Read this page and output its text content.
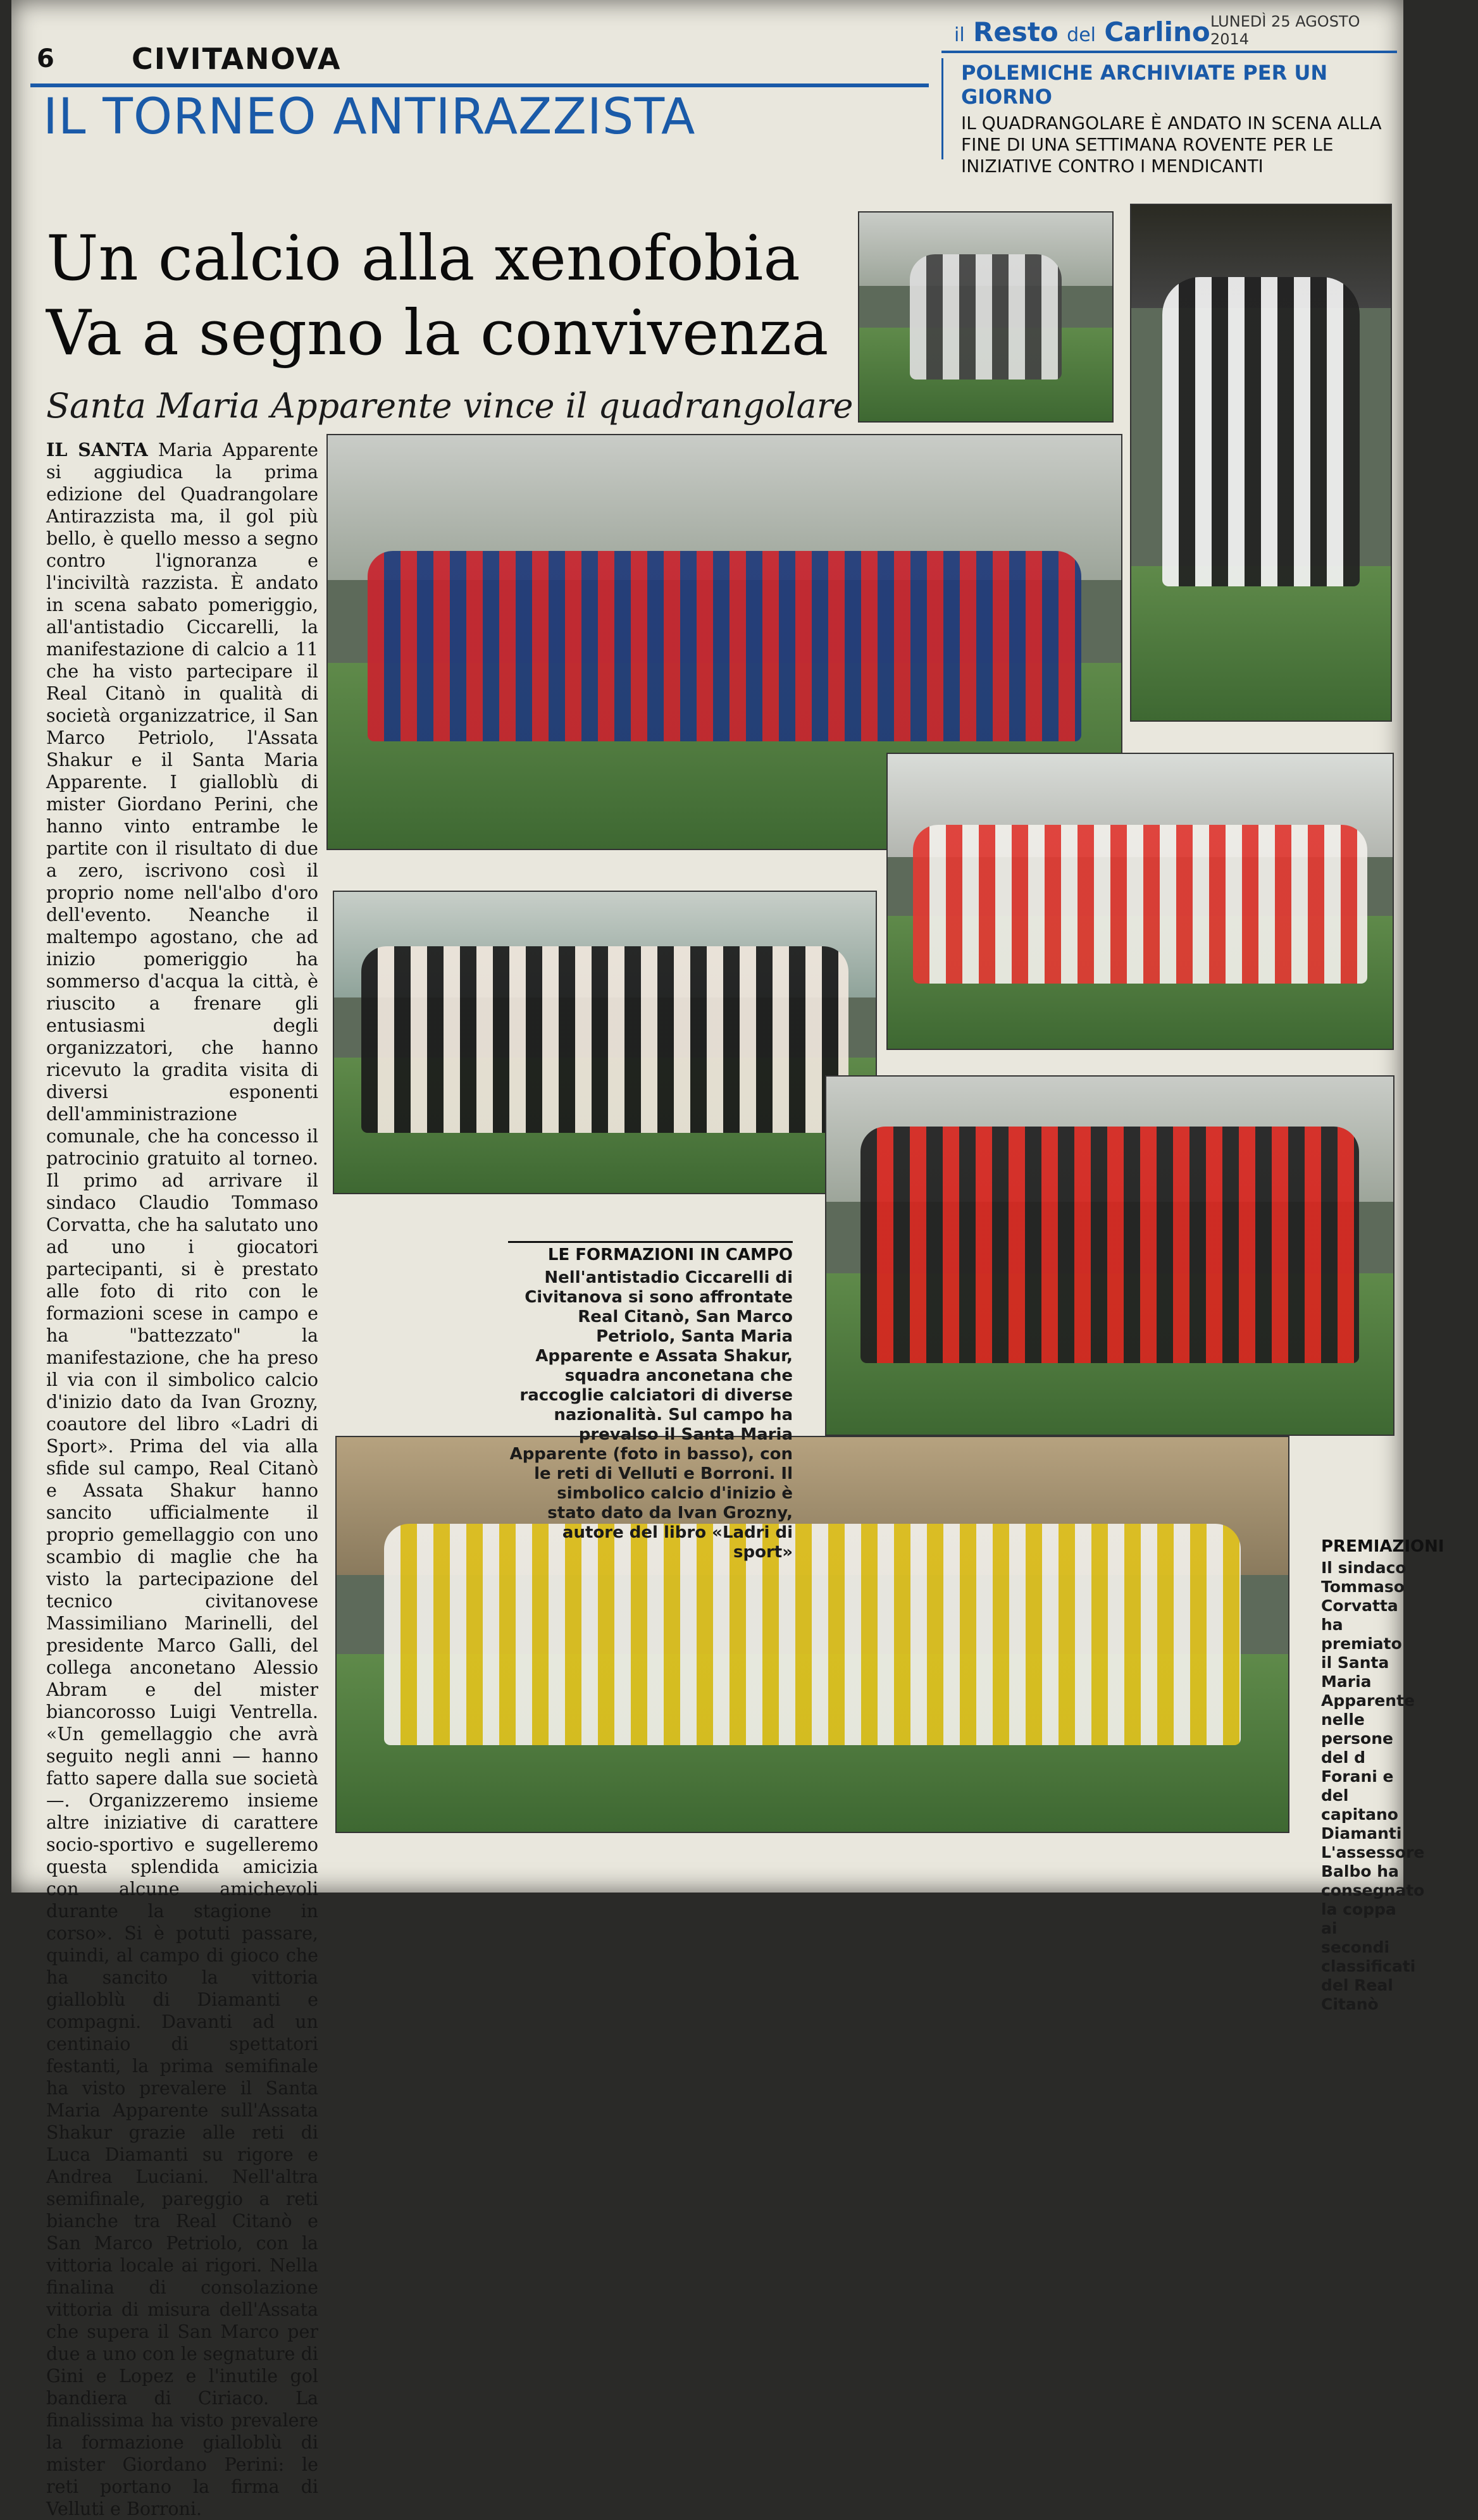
6	CIVITANOVA
IL TORNEO ANTIRAZZISTA
il Resto del Carlino LUNEDÌ 25 AGOSTO 2014
POLEMICHE ARCHIVIATE PER UN GIORNO
IL QUADRANGOLARE È ANDATO IN SCENA ALLA FINE DI UNA SETTIMANA ROVENTE PER LE INIZIATIVE CONTRO I MENDICANTI
Un calcio alla xenofobia
Va a segno la convivenza
Santa Maria Apparente vince il quadrangolare
IL SANTA Maria Apparente si aggiudica la prima edizione del Quadrangolare Antirazzista ma, il gol più bello, è quello messo a segno contro l'ignoranza e l'inciviltà razzista. È andato in scena sabato pomeriggio, all'antistadio Ciccarelli, la manifestazione di calcio a 11 che ha visto partecipare il Real Citanò in qualità di società organizzatrice, il San Marco Petriolo, l'Assata Shakur e il Santa Maria Apparente. I gialloblù di mister Giordano Perini, che hanno vinto entrambe le partite con il risultato di due a zero, iscrivono così il proprio nome nell'albo d'oro dell'evento. Neanche il maltempo agostano, che ad inizio pomeriggio ha sommerso d'acqua la città, è riuscito a frenare gli entusiasmi degli organizzatori, che hanno ricevuto la gradita visita di diversi esponenti dell'amministrazione comunale, che ha concesso il patrocinio gratuito al torneo. Il primo ad arrivare il sindaco Claudio Tommaso Corvatta, che ha salutato uno ad uno i giocatori partecipanti, si è prestato alle foto di rito con le formazioni scese in campo e ha "battezzato" la manifestazione, che ha preso il via con il simbolico calcio d'inizio dato da Ivan Grozny, coautore del libro «Ladri di Sport». Prima del via alla sfide sul campo, Real Citanò e Assata Shakur hanno sancito ufficialmente il proprio gemellaggio con uno scambio di maglie che ha visto la partecipazione del tecnico civitanovese Massimiliano Marinelli, del presidente Marco Galli, del collega anconetano Alessio Abram e del mister biancorosso Luigi Ventrella. «Un gemellaggio che avrà seguito negli anni — hanno fatto sapere dalla sue società —. Organizzeremo insieme altre iniziative di carattere socio-sportivo e sugelleremo questa splendida amicizia con alcune amichevoli durante la stagione in corso». Si è potuti passare, quindi, al campo di gioco che ha sancito la vittoria gialloblù di Diamanti e compagni. Davanti ad un centinaio di spettatori festanti, la prima semifinale ha visto prevalere il Santa Maria Apparente sull'Assata Shakur grazie alle reti di Luca Diamanti su rigore e Andrea Luciani. Nell'altra semifinale, pareggio a reti bianche tra Real Citanò e San Marco Petriolo, con la vittoria locale ai rigori. Nella finalina di consolazione vittoria di misura dell'Assata che supera il San Marco per due a uno con le segnature di Gini e Lopez e l'inutile gol bandiera di Ciriaco. La finalissima ha visto prevalere la formazione gialloblù di mister Giordano Perini: le reti portano la firma di Velluti e Borroni.
LE FORMAZIONI IN CAMPO
Nell'antistadio Ciccarelli di Civitanova si sono affrontate Real Citanò, San Marco Petriolo, Santa Maria Apparente e Assata Shakur, squadra anconetana che raccoglie calciatori di diverse nazionalità. Sul campo ha prevalso il Santa Maria Apparente (foto in basso), con le reti di Velluti e Borroni. Il simbolico calcio d'inizio è stato dato da Ivan Grozny, autore del libro «Ladri di sport»	PREMIAZIONI
Il sindaco Tommaso Corvatta ha premiato il Santa Maria Apparente nelle persone del d Forani e del capitano Diamanti L'assessore Balbo ha consegnato la coppa ai secondi classificati del Real Citanò
